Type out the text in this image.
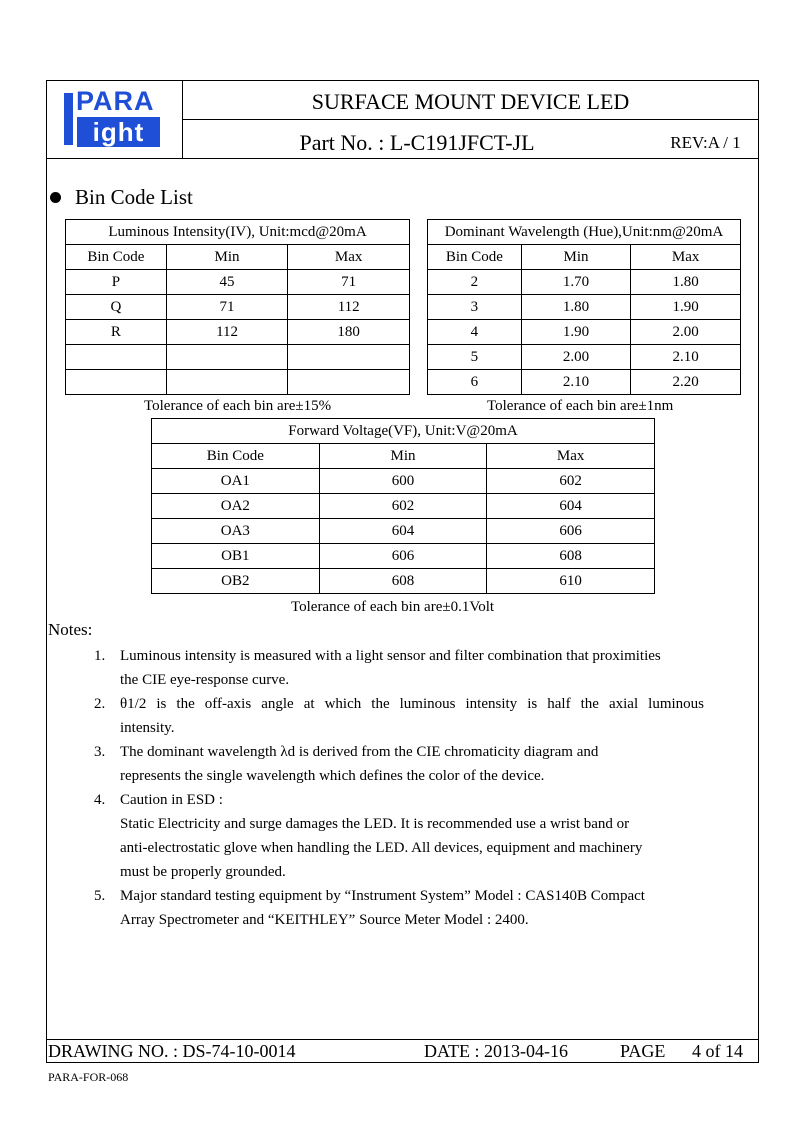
PARA
ight
SURFACE MOUNT DEVICE LED
Part No. : L-C191JFCT-JL	REV:A / 1
Bin Code List
Luminous Intensity(IV), Unit:mcd@20mA		
Bin Code	Min	Max
P	45	71
Q	71	112
R	112	180

Tolerance of each bin are±15%
Dominant Wavelength (Hue),Unit:nm@20mA		
Bin Code	Min	Max
2	1.70	1.80
3	1.80	1.90
4	1.90	2.00
5	2.00	2.10
6	2.10	2.20
Tolerance of each bin are±1nm
Forward Voltage(VF), Unit:V@20mA		
Bin Code	Min	Max
OA1	600	602
OA2	602	604
OA3	604	606
OB1	606	608
OB2	608	610
Tolerance of each bin are±0.1Volt
Notes:
1. Luminous intensity is measured with a light sensor and filter combination that proximities
the CIE eye-response curve.
2. θ1/2 is the off-axis angle at which the luminous intensity is half the axial luminous
intensity.
3. The dominant wavelength λd is derived from the CIE chromaticity diagram and
represents the single wavelength which defines the color of the device.
4. Caution in ESD :
Static Electricity and surge damages the LED. It is recommended use a wrist band or
anti-electrostatic glove when handling the LED. All devices, equipment and machinery
must be properly grounded.
5. Major standard testing equipment by “Instrument System” Model : CAS140B Compact
Array Spectrometer and “KEITHLEY” Source Meter Model : 2400.
DRAWING NO. : DS-74-10-0014	DATE : 2013-04-16	PAGE 4 of 14
PARA-FOR-068
